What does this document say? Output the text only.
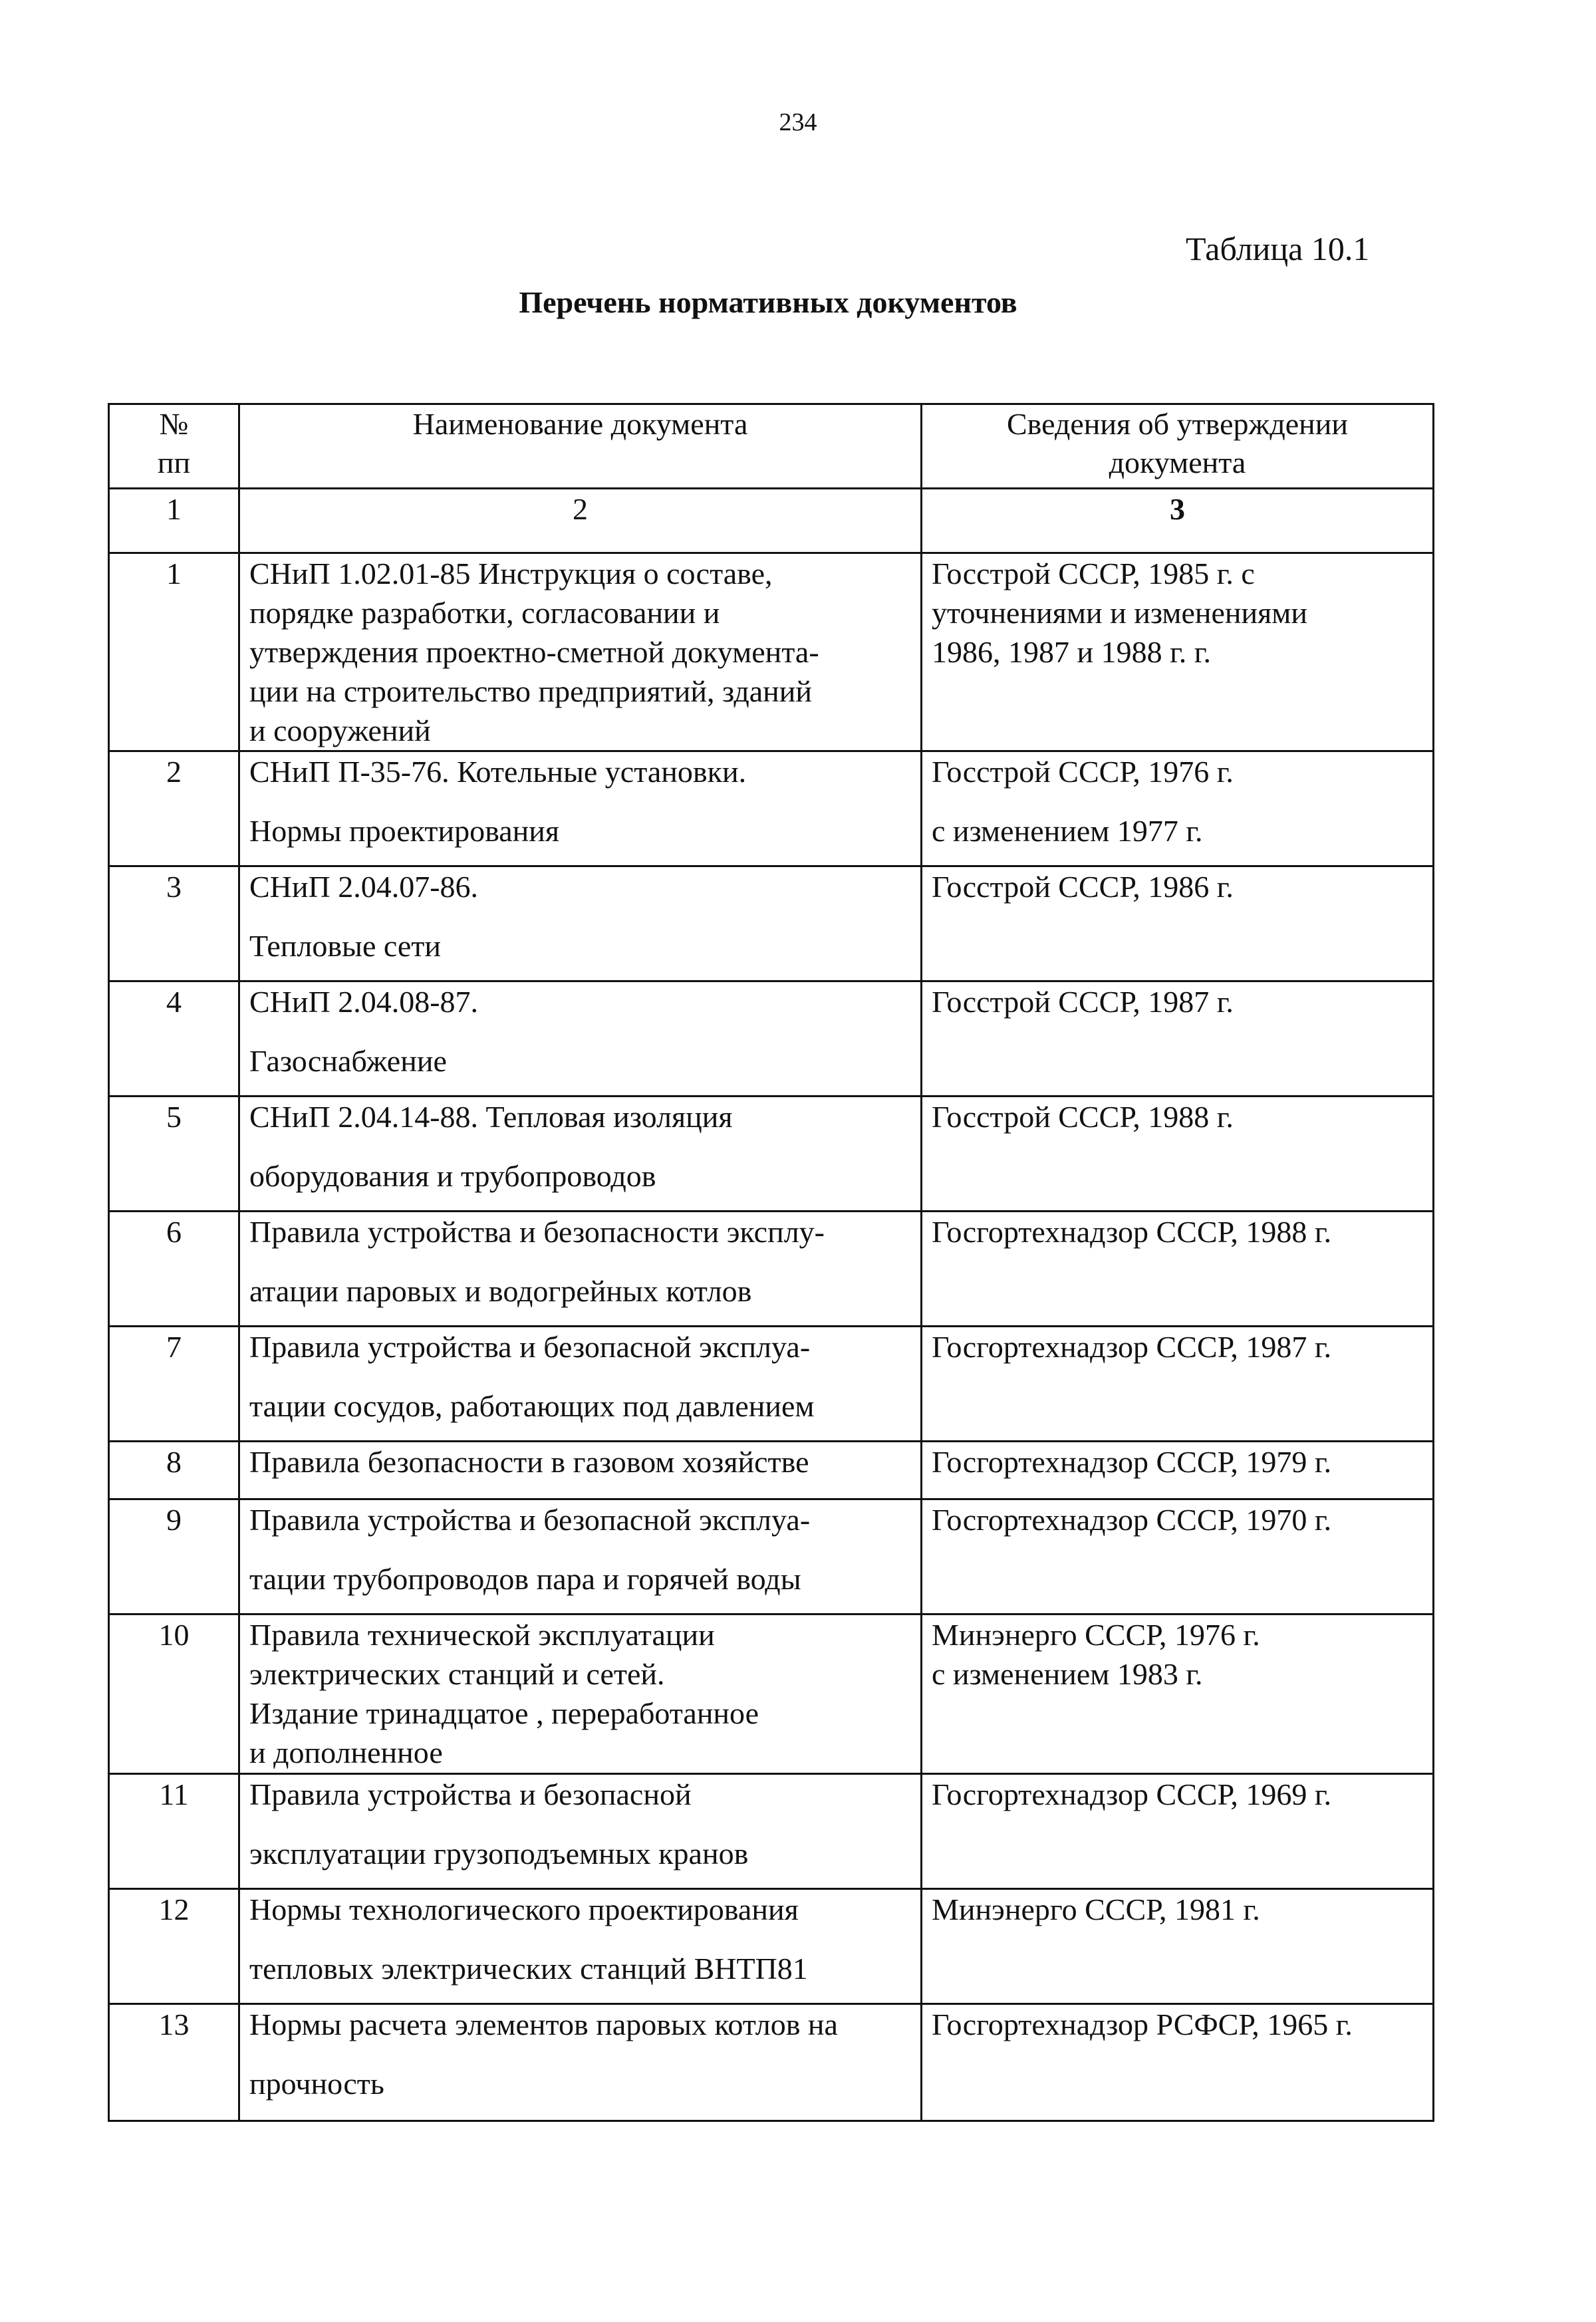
234
Таблица 10.1
Перечень нормативных документов
№
пп	Наименование документа	Сведения об утверждении
документа
1	2	3
1	СНиП 1.02.01-85 Инструкция о составе,
порядке разработки, согласовании и
утверждения проектно-сметной документа-
ции на строительство предприятий, зданий
и сооружений	Госстрой СССР, 1985 г. с
уточнениями и изменениями
1986, 1987 и 1988 г. г.
2	СНиП П-35-76. Котельные установки.
Нормы проектирования	Госстрой СССР, 1976 г.
с изменением 1977 г.

3	СНиП 2.04.07-86.
Тепловые сети	Госстрой СССР, 1986 г.
4	СНиП 2.04.08-87.
Газоснабжение	Госстрой СССР, 1987 г.
5	СНиП 2.04.14-88. Тепловая изоляция
оборудования и трубопроводов	Госстрой СССР, 1988 г.
6	Правила устройства и безопасности эксплу-
атации паровых и водогрейных котлов	Госгортехнадзор СССР, 1988 г.
7	Правила устройства и безопасной эксплуа-
тации сосудов, работающих под давлением	Госгортехнадзор СССР, 1987 г.
8	Правила безопасности в газовом хозяйстве	Госгортехнадзор СССР, 1979 г.
9	Правила устройства и безопасной эксплуа-
тации трубопроводов пара и горячей воды	Госгортехнадзор СССР, 1970 г.
10	Правила технической эксплуатации
электрических станций и сетей.
Издание тринадцатое , переработанное
и дополненное	Минэнерго СССР, 1976 г.
с изменением 1983 г.
11	Правила устройства и безопасной
эксплуатации грузоподъемных кранов	Госгортехнадзор СССР, 1969 г.
12	Нормы технологического проектирования
тепловых электрических станций ВНТП81	Минэнерго СССР, 1981 г.
13	Нормы расчета элементов паровых котлов на
прочность	Госгортехнадзор РСФСР, 1965 г.
